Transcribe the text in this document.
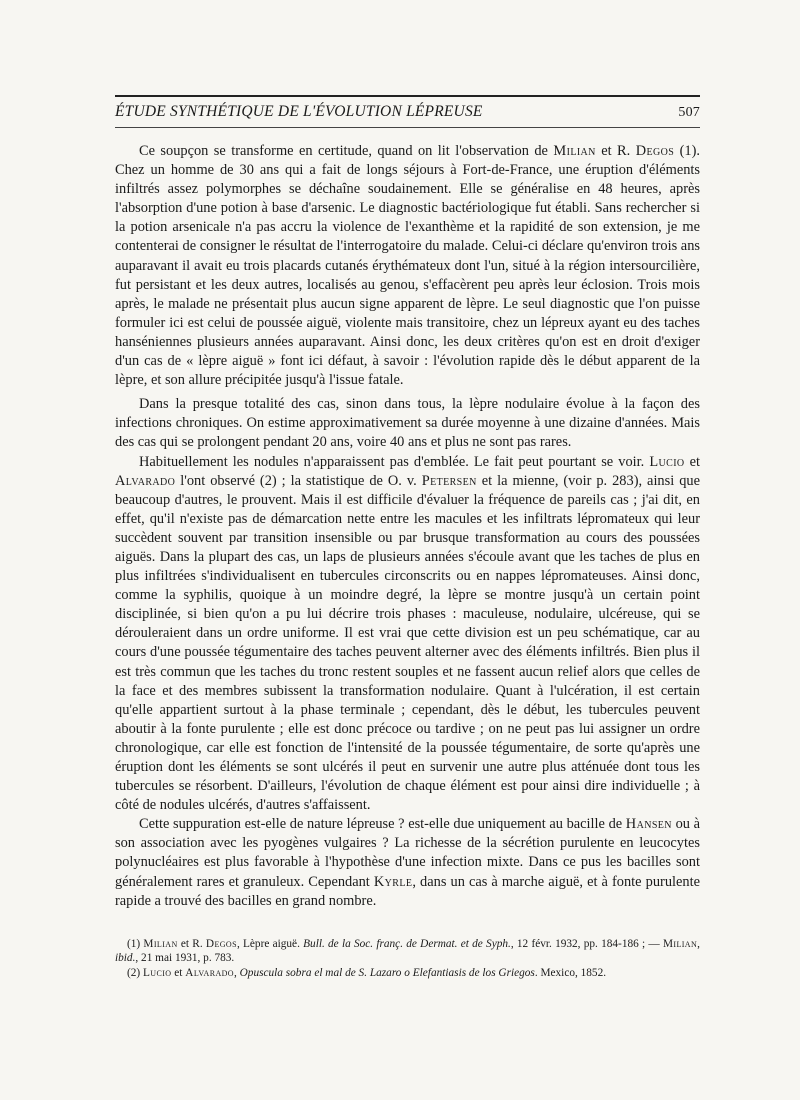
ÉTUDE SYNTHÉTIQUE DE L'ÉVOLUTION LÉPREUSE	507

Ce soupçon se transforme en certitude, quand on lit l'observation de Milian et R. Degos (1). Chez un homme de 30 ans qui a fait de longs séjours à Fort-de-France, une éruption d'éléments infiltrés assez polymorphes se déchaîne soudainement. Elle se généralise en 48 heures, après l'absorption d'une potion à base d'arsenic. Le diagnostic bactériologique fut établi. Sans rechercher si la potion arsenicale n'a pas accru la violence de l'exanthème et la rapidité de son extension, je me contenterai de consigner le résultat de l'interrogatoire du malade. Celui-ci déclare qu'environ trois ans auparavant il avait eu trois placards cutanés érythémateux dont l'un, situé à la région intersourcilière, fut persistant et les deux autres, localisés au genou, s'effacèrent peu après leur éclosion. Trois mois après, le malade ne présentait plus aucun signe apparent de lèpre. Le seul diagnostic que l'on puisse formuler ici est celui de poussée aiguë, violente mais transitoire, chez un lépreux ayant eu des taches hanséniennes plusieurs années auparavant. Ainsi donc, les deux critères qu'on est en droit d'exiger d'un cas de « lèpre aiguë » font ici défaut, à savoir : l'évolution rapide dès le début apparent de la lèpre, et son allure précipitée jusqu'à l'issue fatale.

Dans la presque totalité des cas, sinon dans tous, la lèpre nodulaire évolue à la façon des infections chroniques. On estime approximativement sa durée moyenne à une dizaine d'années. Mais des cas qui se prolongent pendant 20 ans, voire 40 ans et plus ne sont pas rares.

Habituellement les nodules n'apparaissent pas d'emblée. Le fait peut pourtant se voir. Lucio et Alvarado l'ont observé (2) ; la statistique de O. v. Petersen et la mienne, (voir p. 283), ainsi que beaucoup d'autres, le prouvent. Mais il est difficile d'évaluer la fréquence de pareils cas ; j'ai dit, en effet, qu'il n'existe pas de démarcation nette entre les macules et les infiltrats lépromateux qui leur succèdent souvent par transition insensible ou par brusque transformation au cours des poussées aiguës. Dans la plupart des cas, un laps de plusieurs années s'écoule avant que les taches de plus en plus infiltrées s'individualisent en tubercules circonscrits ou en nappes lépromateuses. Ainsi donc, comme la syphilis, quoique à un moindre degré, la lèpre se montre jusqu'à un certain point disciplinée, si bien qu'on a pu lui décrire trois phases : maculeuse, nodulaire, ulcéreuse, qui se dérouleraient dans un ordre uniforme. Il est vrai que cette division est un peu schématique, car au cours d'une poussée tégumentaire des taches peuvent alterner avec des éléments infiltrés. Bien plus il est très commun que les taches du tronc restent souples et ne fassent aucun relief alors que celles de la face et des membres subissent la transformation nodulaire. Quant à l'ulcération, il est certain qu'elle appartient surtout à la phase terminale ; cependant, dès le début, les tubercules peuvent aboutir à la fonte purulente ; elle est donc précoce ou tardive ; on ne peut pas lui assigner un ordre chronologique, car elle est fonction de l'intensité de la poussée tégumentaire, de sorte qu'après une éruption dont les éléments se sont ulcérés il peut en survenir une autre plus atténuée dont tous les tubercules se résorbent. D'ailleurs, l'évolution de chaque élément est pour ainsi dire individuelle ; à côté de nodules ulcérés, d'autres s'affaissent.

Cette suppuration est-elle de nature lépreuse ? est-elle due uniquement au bacille de Hansen ou à son association avec les pyogènes vulgaires ? La richesse de la sécrétion purulente en leucocytes polynucléaires est plus favorable à l'hypothèse d'une infection mixte. Dans ce pus les bacilles sont généralement rares et granuleux. Cependant Kyrle, dans un cas à marche aiguë, et à fonte purulente rapide a trouvé des bacilles en grand nombre.

(1) Milian et R. Degos, Lèpre aiguë. Bull. de la Soc. franç. de Dermat. et de Syph., 12 févr. 1932, pp. 184-186 ; — Milian, ibid., 21 mai 1931, p. 783.

(2) Lucio et Alvarado, Opuscula sobra el mal de S. Lazaro o Elefantiasis de los Griegos. Mexico, 1852.
